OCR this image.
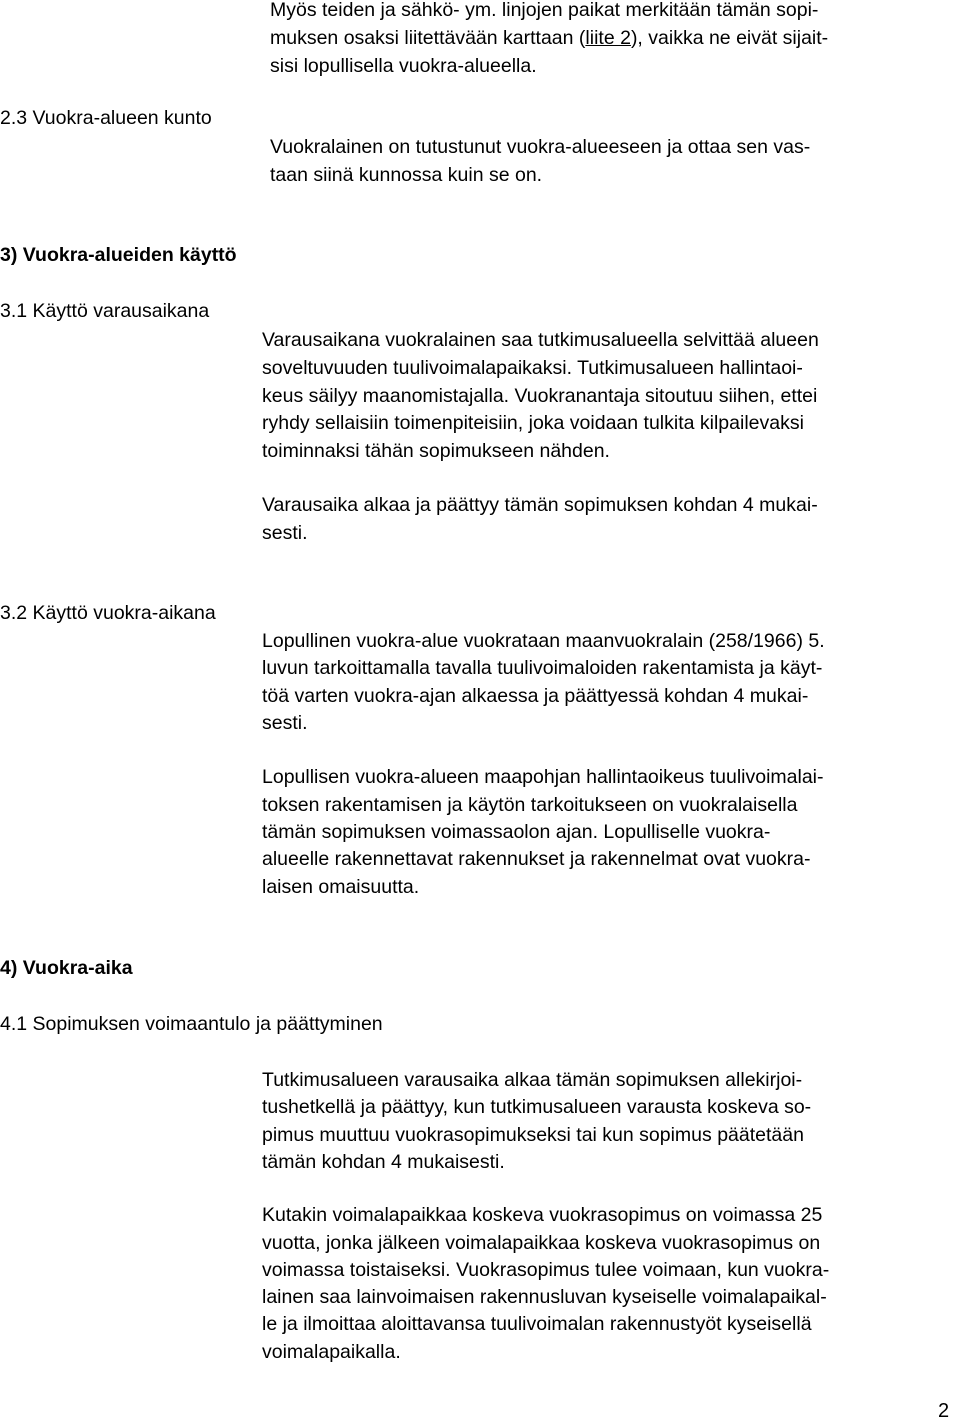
Myös teiden ja sähkö- ym. linjojen paikat merkitään tämän sopi-

muksen osaksi liitettävään karttaan (liite 2), vaikka ne eivät sijait-

sisi lopullisella vuokra-alueella.

2.3 Vuokra-alueen kunto

Vuokralainen on tutustunut vuokra-alueeseen ja ottaa sen vas-

taan siinä kunnossa kuin se on.

3) Vuokra-alueiden käyttö

3.1 Käyttö varausaikana

Varausaikana vuokralainen saa tutkimusalueella selvittää alueen

soveltuvuuden tuulivoimalapaikaksi. Tutkimusalueen hallintaoi-

keus säilyy maanomistajalla. Vuokranantaja sitoutuu siihen, ettei

ryhdy sellaisiin toimenpiteisiin, joka voidaan tulkita kilpailevaksi

toiminnaksi tähän sopimukseen nähden.

Varausaika alkaa ja päättyy tämän sopimuksen kohdan 4 mukai-

sesti.

3.2 Käyttö vuokra-aikana

Lopullinen vuokra-alue vuokrataan maanvuokralain (258/1966) 5.

luvun tarkoittamalla tavalla tuulivoimaloiden rakentamista ja käyt-

töä varten vuokra-ajan alkaessa ja päättyessä kohdan 4 mukai-

sesti.

Lopullisen vuokra-alueen maapohjan hallintaoikeus tuulivoimalai-

toksen rakentamisen ja käytön tarkoitukseen on vuokralaisella

tämän sopimuksen voimassaolon ajan. Lopulliselle vuokra-

alueelle rakennettavat rakennukset ja rakennelmat ovat vuokra-

laisen omaisuutta.

4) Vuokra-aika

4.1 Sopimuksen voimaantulo ja päättyminen

Tutkimusalueen varausaika alkaa tämän sopimuksen allekirjoi-

tushetkellä ja päättyy, kun tutkimusalueen varausta koskeva so-

pimus muuttuu vuokrasopimukseksi tai kun sopimus päätetään

tämän kohdan 4 mukaisesti.

Kutakin voimalapaikkaa koskeva vuokrasopimus on voimassa 25

vuotta, jonka jälkeen voimalapaikkaa koskeva vuokrasopimus on

voimassa toistaiseksi. Vuokrasopimus tulee voimaan, kun vuokra-

lainen saa lainvoimaisen rakennusluvan kyseiselle voimalapaikal-

le ja ilmoittaa aloittavansa tuulivoimalan rakennustyöt kyseisellä

voimalapaikalla.

2
